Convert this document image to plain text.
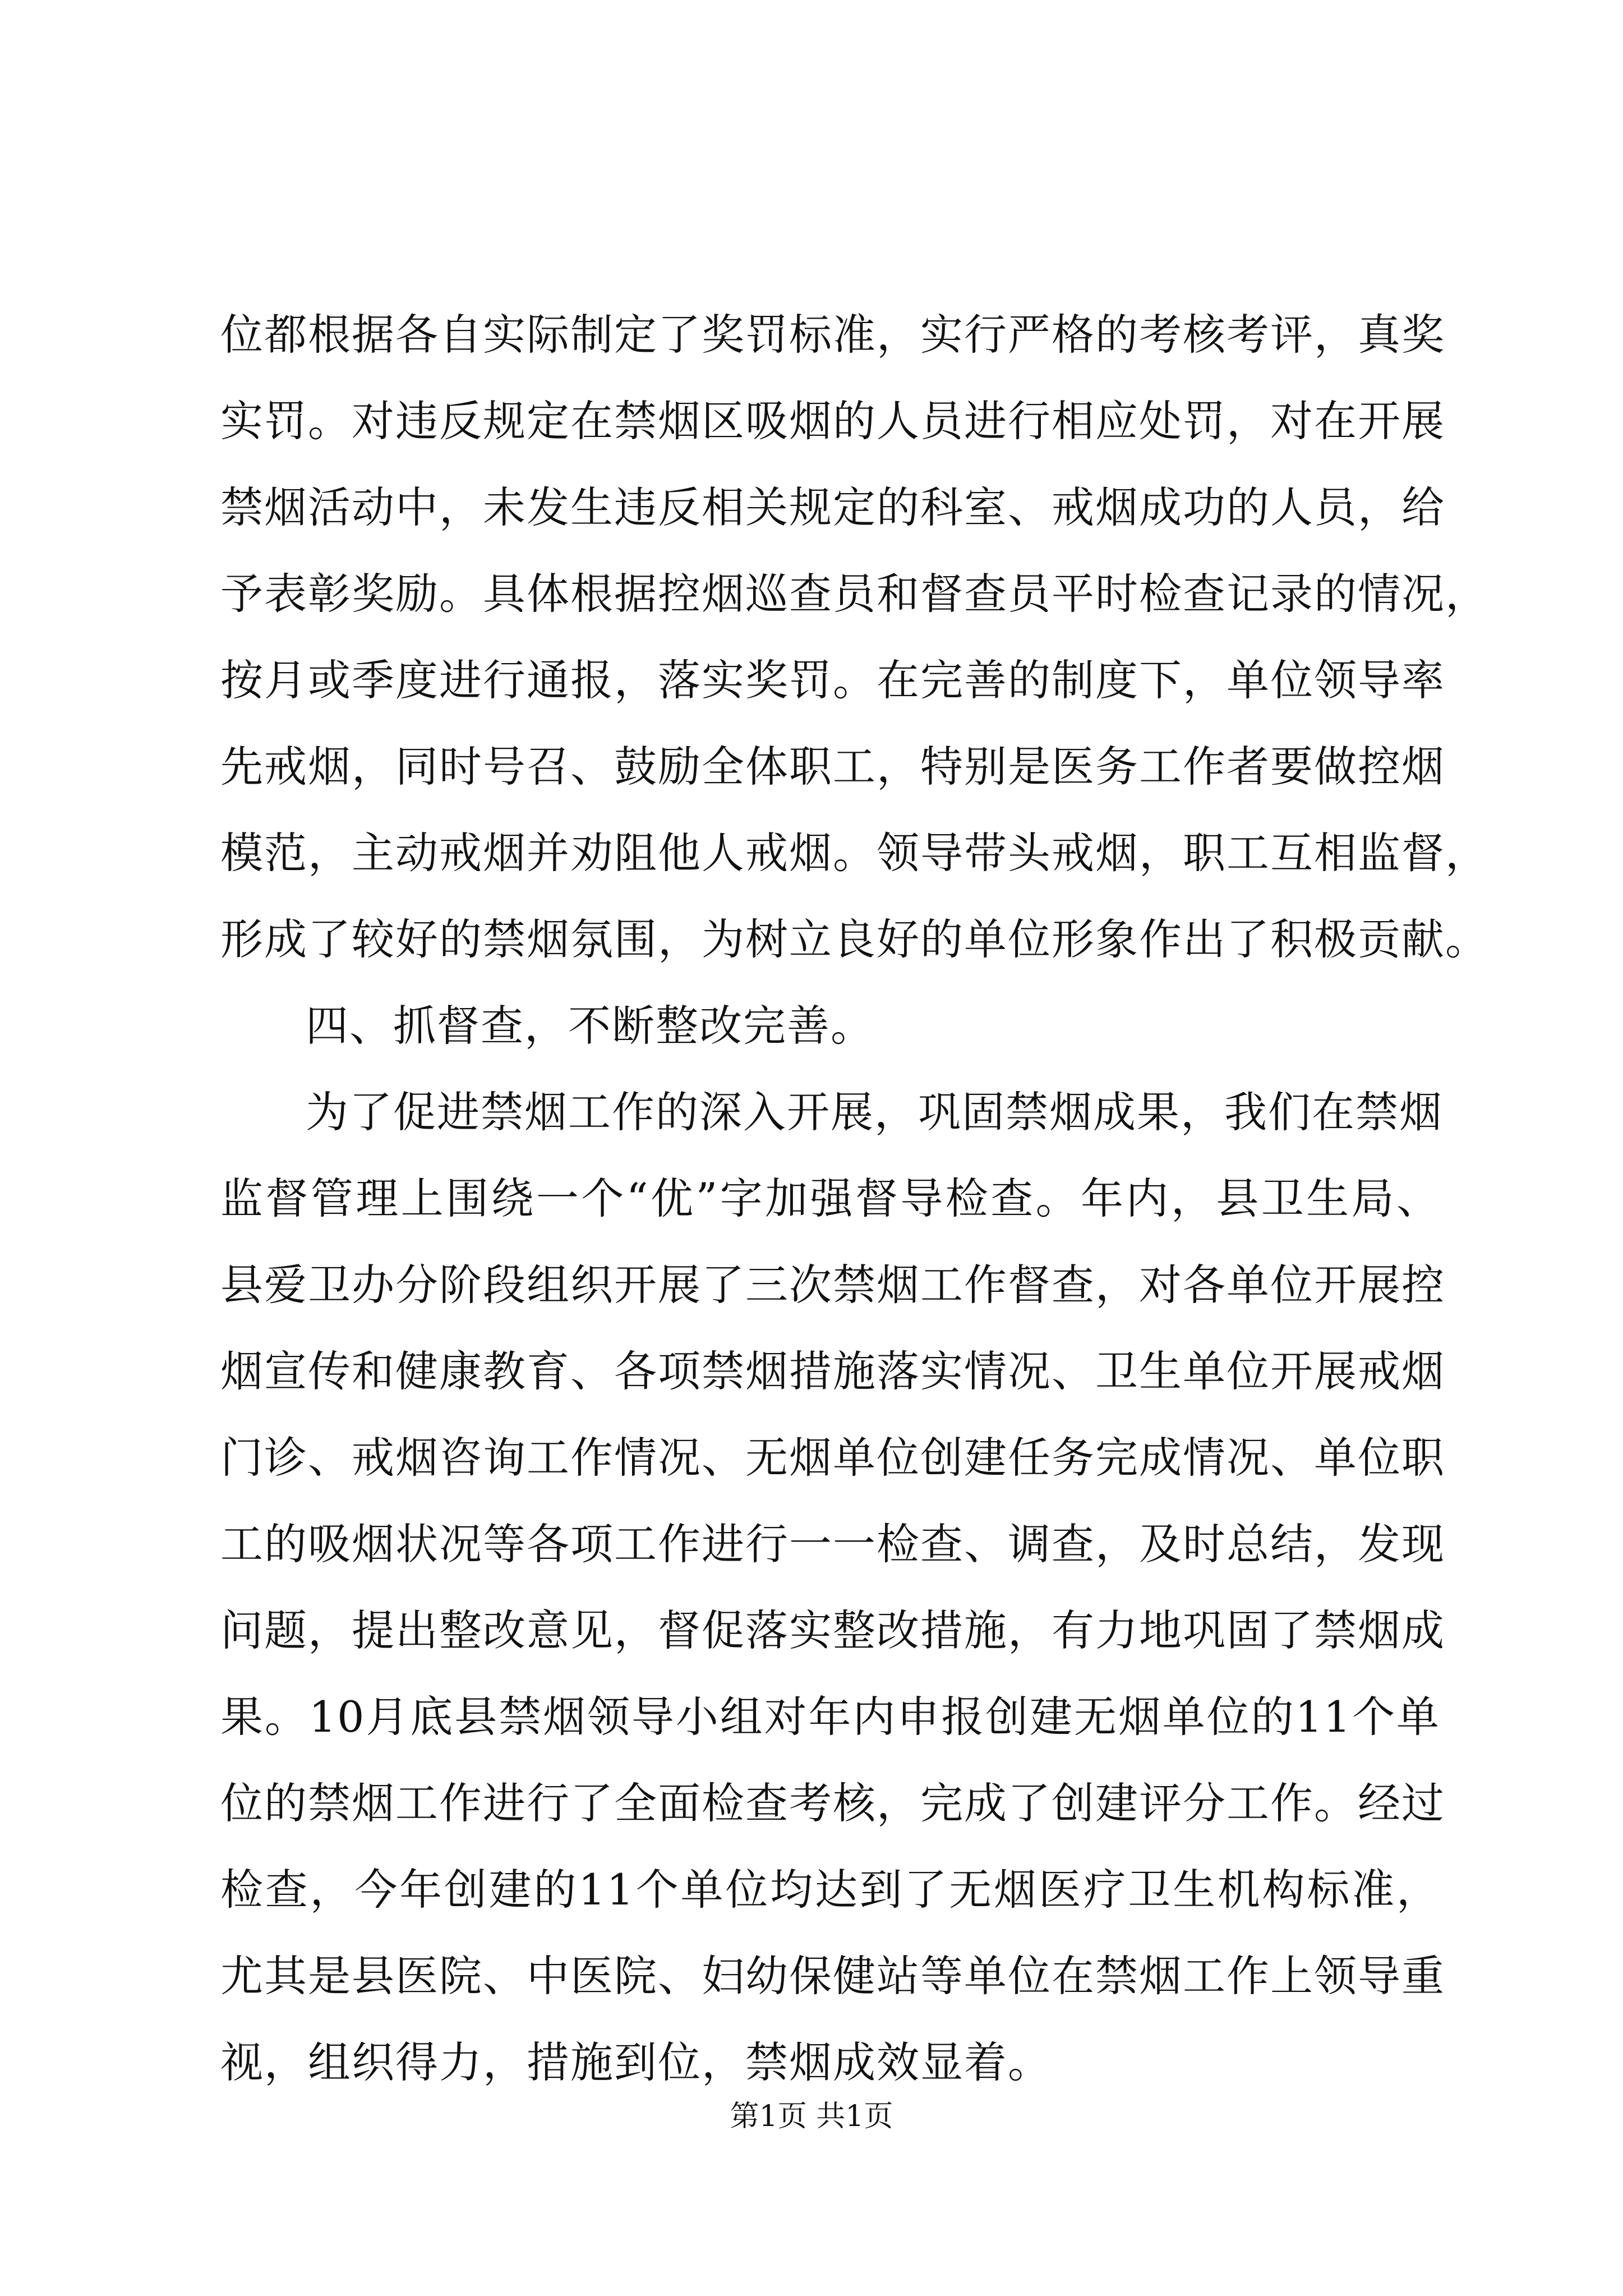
位都根据各自实际制定了奖罚标准，实行严格的考核考评，真奖
实罚。对违反规定在禁烟区吸烟的人员进行相应处罚，对在开展
禁烟活动中，未发生违反相关规定的科室、戒烟成功的人员，给
予表彰奖励。具体根据控烟巡查员和督查员平时检查记录的情况，
按月或季度进行通报，落实奖罚。在完善的制度下，单位领导率
先戒烟，同时号召、鼓励全体职工，特别是医务工作者要做控烟
模范，主动戒烟并劝阻他人戒烟。领导带头戒烟，职工互相监督，
形成了较好的禁烟氛围，为树立良好的单位形象作出了积极贡献。
四、抓督查，不断整改完善。
为了促进禁烟工作的深入开展，巩固禁烟成果，我们在禁烟
监督管理上围绕一个“优”字加强督导检查。年内，县卫生局、
县爱卫办分阶段组织开展了三次禁烟工作督查，对各单位开展控
烟宣传和健康教育、各项禁烟措施落实情况、卫生单位开展戒烟
门诊、戒烟咨询工作情况、无烟单位创建任务完成情况、单位职
工的吸烟状况等各项工作进行一一检查、调查，及时总结，发现
问题，提出整改意见，督促落实整改措施，有力地巩固了禁烟成
果。10月底县禁烟领导小组对年内申报创建无烟单位的11个单
位的禁烟工作进行了全面检查考核，完成了创建评分工作。经过
检查，今年创建的11个单位均达到了无烟医疗卫生机构标准，
尤其是县医院、中医院、妇幼保健站等单位在禁烟工作上领导重
视，组织得力，措施到位，禁烟成效显着。
第1页 共1页
